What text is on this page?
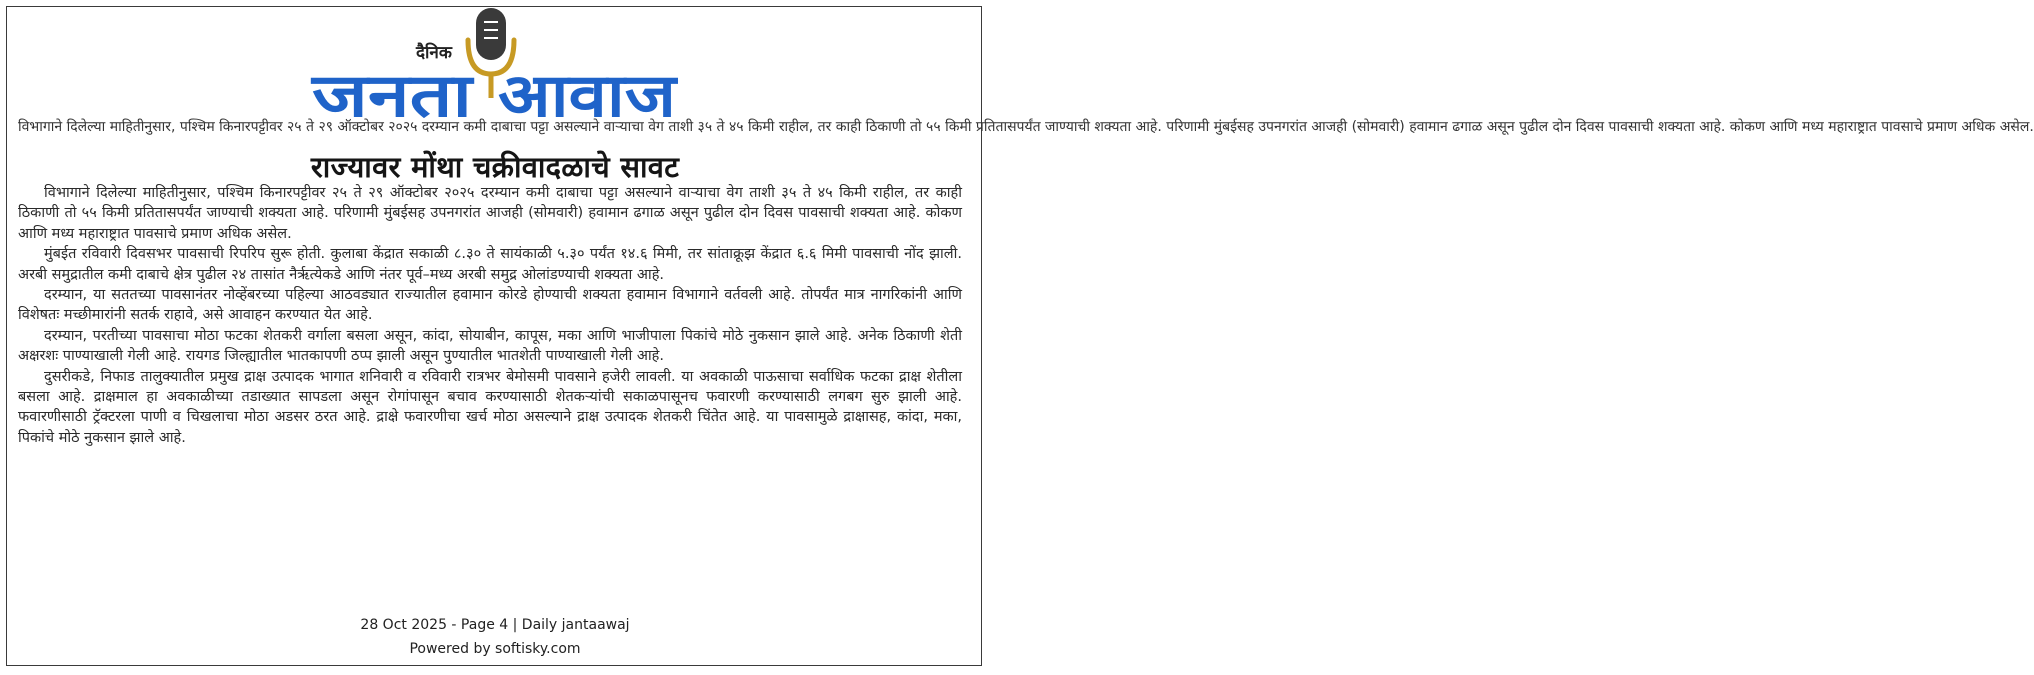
दैनिक
जनता आवाज
विभागाने दिलेल्या माहितीनुसार, पश्चिम किनारपट्टीवर २५ ते २९ ऑक्टोबर २०२५ दरम्यान कमी दाबाचा पट्टा असल्याने वाऱ्याचा वेग ताशी ३५ ते ४५ किमी राहील, तर काही ठिकाणी तो ५५ किमी प्रतितासपर्यंत जाण्याची शक्यता आहे. परिणामी मुंबईसह उपनगरांत आजही (सोमवारी) हवामान ढगाळ असून पुढील दोन दिवस पावसाची शक्यता आहे. कोकण आणि मध्य महाराष्ट्रात पावसाचे प्रमाण अधिक असेल.
राज्यावर मोंथा चक्रीवादळाचे सावट

विभागाने दिलेल्या माहितीनुसार, पश्चिम किनारपट्टीवर २५ ते २९ ऑक्टोबर २०२५ दरम्यान कमी दाबाचा पट्टा असल्याने वाऱ्याचा वेग ताशी ३५ ते ४५ किमी राहील, तर काही ठिकाणी तो ५५ किमी प्रतितासपर्यंत जाण्याची शक्यता आहे. परिणामी मुंबईसह उपनगरांत आजही (सोमवारी) हवामान ढगाळ असून पुढील दोन दिवस पावसाची शक्यता आहे. कोकण आणि मध्य महाराष्ट्रात पावसाचे प्रमाण अधिक असेल.

मुंबईत रविवारी दिवसभर पावसाची रिपरिप सुरू होती. कुलाबा केंद्रात सकाळी ८.३० ते सायंकाळी ५.३० पर्यंत १४.६ मिमी, तर सांताक्रूझ केंद्रात ६.६ मिमी पावसाची नोंद झाली. अरबी समुद्रातील कमी दाबाचे क्षेत्र पुढील २४ तासांत नैर्ऋत्येकडे आणि नंतर पूर्व–मध्य अरबी समुद्र ओलांडण्याची शक्यता आहे.

दरम्यान, या सततच्या पावसानंतर नोव्हेंबरच्या पहिल्या आठवड्यात राज्यातील हवामान कोरडे होण्याची शक्यता हवामान विभागाने वर्तवली आहे. तोपर्यंत मात्र नागरिकांनी आणि विशेषतः मच्छीमारांनी सतर्क राहावे, असे आवाहन करण्यात येत आहे.

दरम्यान, परतीच्या पावसाचा मोठा फटका शेतकरी वर्गाला बसला असून, कांदा, सोयाबीन, कापूस, मका आणि भाजीपाला पिकांचे मोठे नुकसान झाले आहे. अनेक ठिकाणी शेती अक्षरशः पाण्याखाली गेली आहे. रायगड जिल्ह्यातील भातकापणी ठप्प झाली असून पुण्यातील भातशेती पाण्याखाली गेली आहे.

दुसरीकडे, निफाड तालुक्यातील प्रमुख द्राक्ष उत्पादक भागात शनिवारी व रविवारी रात्रभर बेमोसमी पावसाने हजेरी लावली. या अवकाळी पाऊसाचा सर्वाधिक फटका द्राक्ष शेतीला बसला आहे. द्राक्षमाल हा अवकाळीच्या तडाख्यात सापडला असून रोगांपासून बचाव करण्यासाठी शेतकऱ्यांची सकाळपासूनच फवारणी करण्यासाठी लगबग सुरु झाली आहे. फवारणीसाठी ट्रॅक्टरला पाणी व चिखलाचा मोठा अडसर ठरत आहे. द्राक्षे फवारणीचा खर्च मोठा असल्याने द्राक्ष उत्पादक शेतकरी चिंतेत आहे. या पावसामुळे द्राक्षासह, कांदा, मका, पिकांचे मोठे नुकसान झाले आहे.

28 Oct 2025 - Page 4 | Daily jantaawaj
Powered by softisky.com
